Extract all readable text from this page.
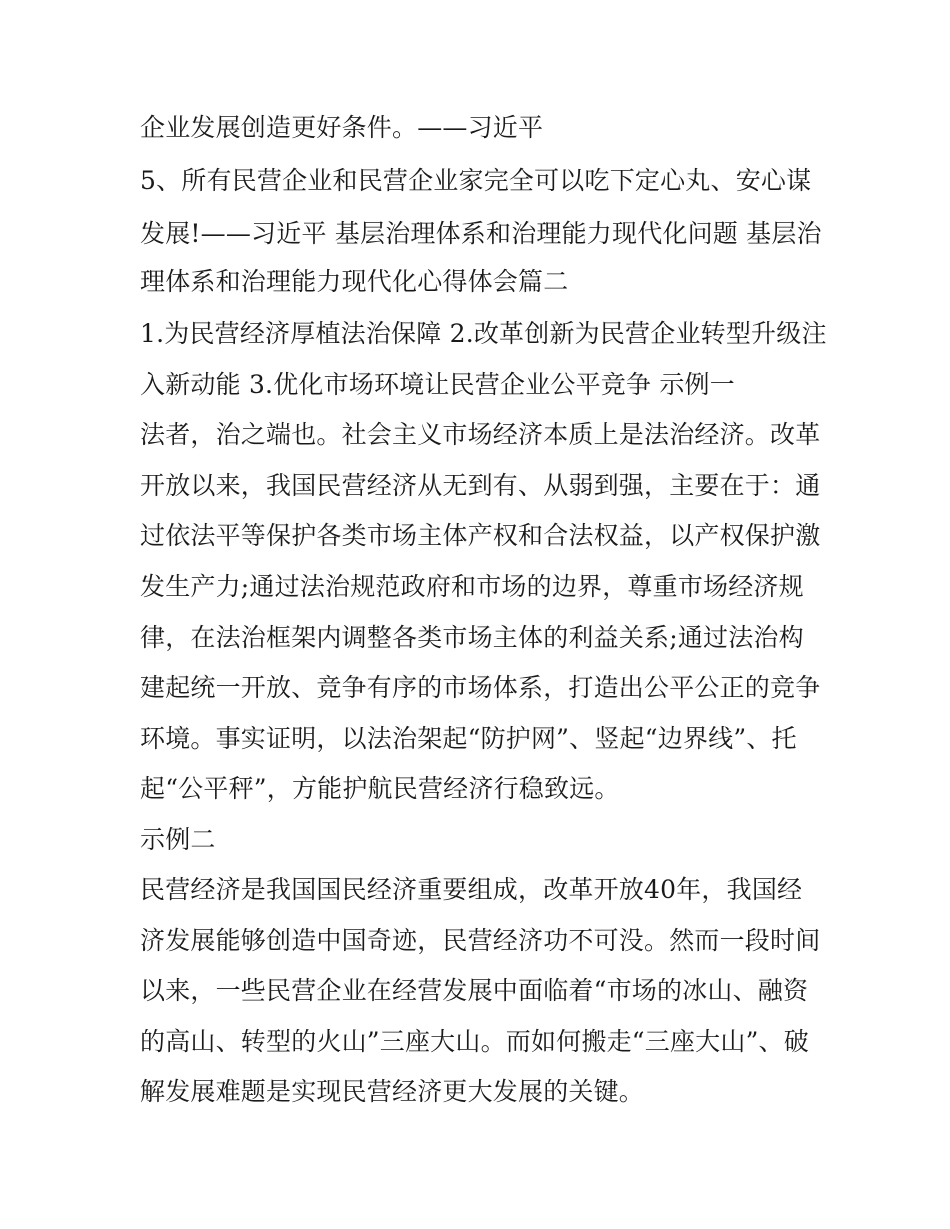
企业发展创造更好条件。——习近平
5、所有民营企业和民营企业家完全可以吃下定心丸、安心谋
发展!——习近平 基层治理体系和治理能力现代化问题 基层治
理体系和治理能力现代化心得体会篇二
1.为民营经济厚植法治保障 2.改革创新为民营企业转型升级注
入新动能 3.优化市场环境让民营企业公平竞争 示例一
法者，治之端也。社会主义市场经济本质上是法治经济。改革
开放以来，我国民营经济从无到有、从弱到强，主要在于：通
过依法平等保护各类市场主体产权和合法权益，以产权保护激
发生产力;通过法治规范政府和市场的边界，尊重市场经济规
律，在法治框架内调整各类市场主体的利益关系;通过法治构
建起统一开放、竞争有序的市场体系，打造出公平公正的竞争
环境。事实证明，以法治架起“防护网”、竖起“边界线”、托
起“公平秤”，方能护航民营经济行稳致远。
示例二
民营经济是我国国民经济重要组成，改革开放40年，我国经
济发展能够创造中国奇迹，民营经济功不可没。然而一段时间
以来，一些民营企业在经营发展中面临着“市场的冰山、融资
的高山、转型的火山”三座大山。而如何搬走“三座大山”、破
解发展难题是实现民营经济更大发展的关键。
